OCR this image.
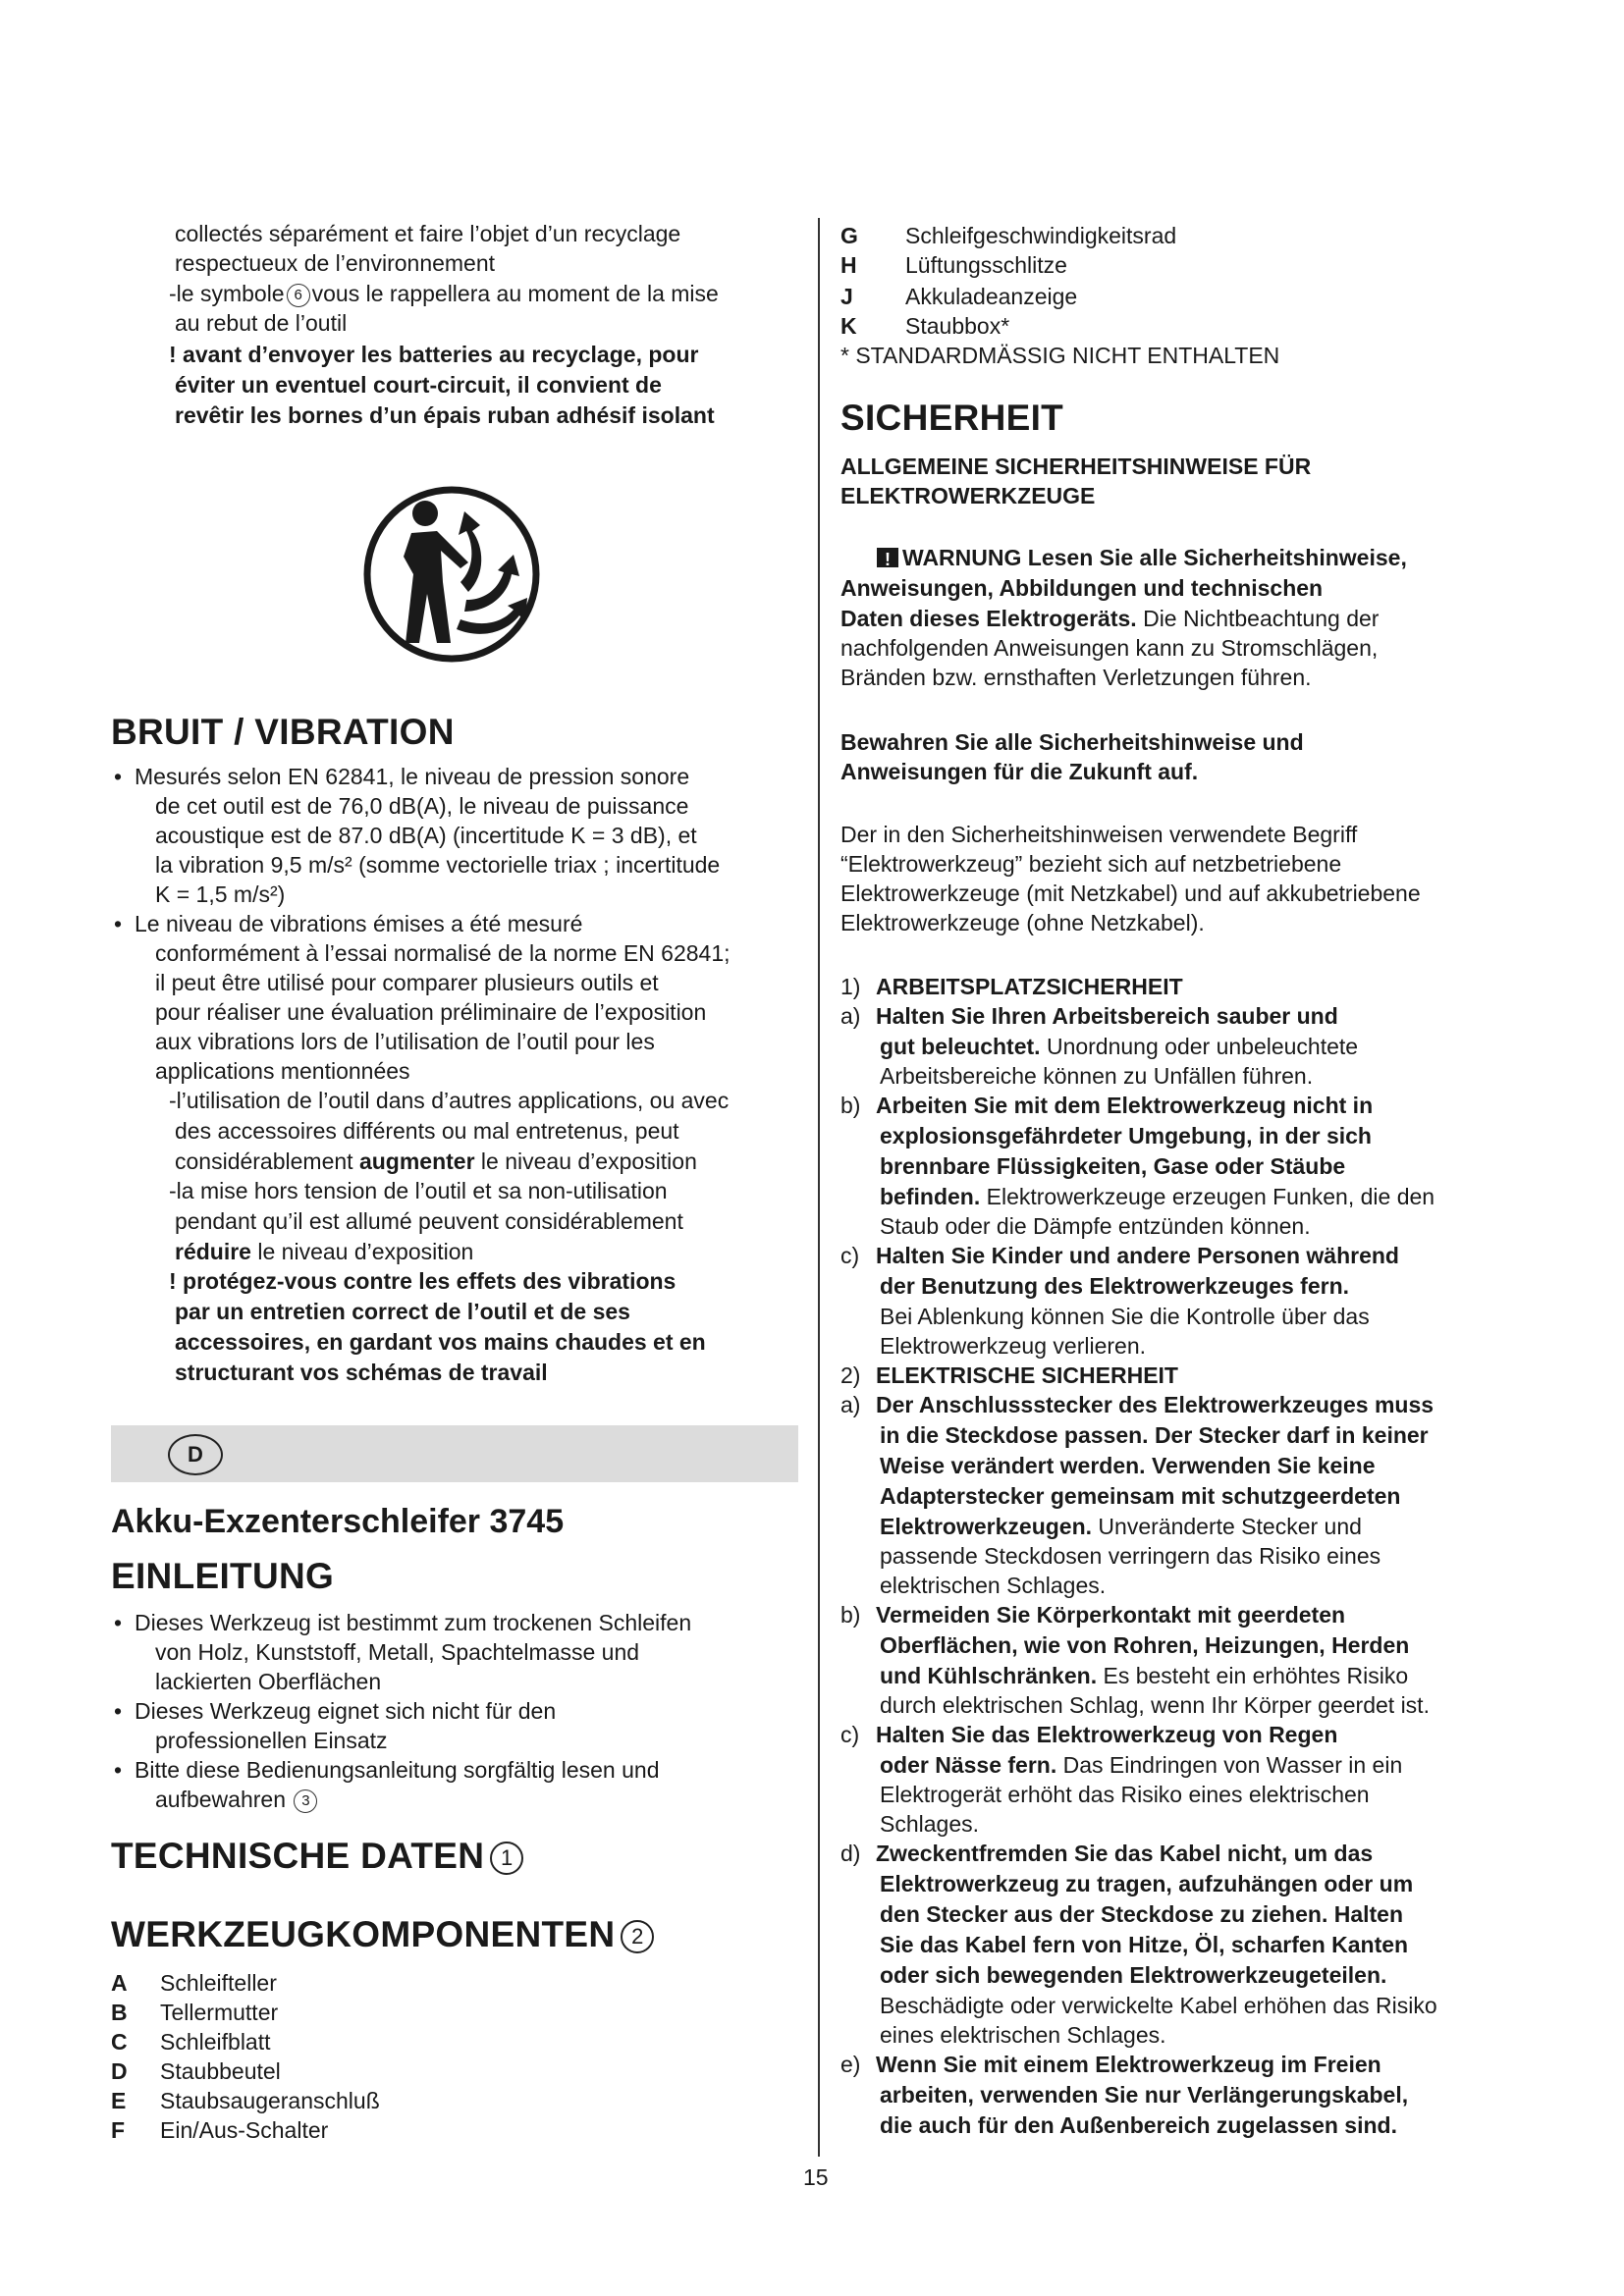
collectés séparément et faire l’objet d’un recyclage
respectueux de l’environnement
-le symbole 6 vous le rappellera au moment de la mise
au rebut de l’outil
! avant d’envoyer les batteries au recyclage, pour
éviter un eventuel court-circuit, il convient de
revêtir les bornes d’un épais ruban adhésif isolant
BRUIT / VIBRATION
• Mesurés selon EN 62841, le niveau de pression sonore
de cet outil est de 76,0 dB(A), le niveau de puissance
acoustique est de 87.0 dB(A) (incertitude K = 3 dB), et
la vibration 9,5 m/s² (somme vectorielle triax ; incertitude
K = 1,5 m/s²)
• Le niveau de vibrations émises a été mesuré
conformément à l’essai normalisé de la norme EN 62841;
il peut être utilisé pour comparer plusieurs outils et
pour réaliser une évaluation préliminaire de l’exposition
aux vibrations lors de l’utilisation de l’outil pour les
applications mentionnées
-l’utilisation de l’outil dans d’autres applications, ou avec
des accessoires différents ou mal entretenus, peut
considérablement augmenter le niveau d’exposition
-la mise hors tension de l’outil et sa non-utilisation
pendant qu’il est allumé peuvent considérablement
réduire le niveau d’exposition
! protégez-vous contre les effets des vibrations
par un entretien correct de l’outil et de ses
accessoires, en gardant vos mains chaudes et en
structurant vos schémas de travail
D
Akku-Exzenterschleifer 3745
EINLEITUNG
• Dieses Werkzeug ist bestimmt zum trockenen Schleifen
von Holz, Kunststoff, Metall, Spachtelmasse und
lackierten Oberflächen
• Dieses Werkzeug eignet sich nicht für den
professionellen Einsatz
• Bitte diese Bedienungsanleitung sorgfältig lesen und
aufbewahren 3
TECHNISCHE DATEN 1
WERKZEUGKOMPONENTEN 2
A Schleifteller
B Tellermutter
C Schleifblatt
D Staubbeutel
E Staubsaugeranschluß
F Ein/Aus-Schalter
G Schleifgeschwindigkeitsrad
H Lüftungsschlitze
J Akkuladeanzeige
K Staubbox*
* STANDARDMÄSSIG NICHT ENTHALTEN
SICHERHEIT
ALLGEMEINE SICHERHEITSHINWEISE FÜR
ELEKTROWERKZEUGE
!WARNUNG Lesen Sie alle Sicherheitshinweise,
Anweisungen, Abbildungen und technischen
Daten dieses Elektrogeräts. Die Nichtbeachtung der
nachfolgenden Anweisungen kann zu Stromschlägen,
Bränden bzw. ernsthaften Verletzungen führen.
Bewahren Sie alle Sicherheitshinweise und
Anweisungen für die Zukunft auf.
Der in den Sicherheitshinweisen verwendete Begriff
“Elektrowerkzeug” bezieht sich auf netzbetriebene
Elektrowerkzeuge (mit Netzkabel) und auf akkubetriebene
Elektrowerkzeuge (ohne Netzkabel).
1) ARBEITSPLATZSICHERHEIT
a) Halten Sie Ihren Arbeitsbereich sauber und
gut beleuchtet. Unordnung oder unbeleuchtete
Arbeitsbereiche können zu Unfällen führen.
b) Arbeiten Sie mit dem Elektrowerkzeug nicht in
explosionsgefährdeter Umgebung, in der sich
brennbare Flüssigkeiten, Gase oder Stäube
befinden. Elektrowerkzeuge erzeugen Funken, die den
Staub oder die Dämpfe entzünden können.
c) Halten Sie Kinder und andere Personen während
der Benutzung des Elektrowerkzeuges fern.
Bei Ablenkung können Sie die Kontrolle über das
Elektrowerkzeug verlieren.
2) ELEKTRISCHE SICHERHEIT
a) Der Anschlussstecker des Elektrowerkzeuges muss
in die Steckdose passen. Der Stecker darf in keiner
Weise verändert werden. Verwenden Sie keine
Adapterstecker gemeinsam mit schutzgeerdeten
Elektrowerkzeugen. Unveränderte Stecker und
passende Steckdosen verringern das Risiko eines
elektrischen Schlages.
b) Vermeiden Sie Körperkontakt mit geerdeten
Oberflächen, wie von Rohren, Heizungen, Herden
und Kühlschränken. Es besteht ein erhöhtes Risiko
durch elektrischen Schlag, wenn Ihr Körper geerdet ist.
c) Halten Sie das Elektrowerkzeug von Regen
oder Nässe fern. Das Eindringen von Wasser in ein
Elektrogerät erhöht das Risiko eines elektrischen
Schlages.
d) Zweckentfremden Sie das Kabel nicht, um das
Elektrowerkzeug zu tragen, aufzuhängen oder um
den Stecker aus der Steckdose zu ziehen. Halten
Sie das Kabel fern von Hitze, Öl, scharfen Kanten
oder sich bewegenden Elektrowerkzeugeteilen.
Beschädigte oder verwickelte Kabel erhöhen das Risiko
eines elektrischen Schlages.
e) Wenn Sie mit einem Elektrowerkzeug im Freien
arbeiten, verwenden Sie nur Verlängerungskabel,
die auch für den Außenbereich zugelassen sind.
15
